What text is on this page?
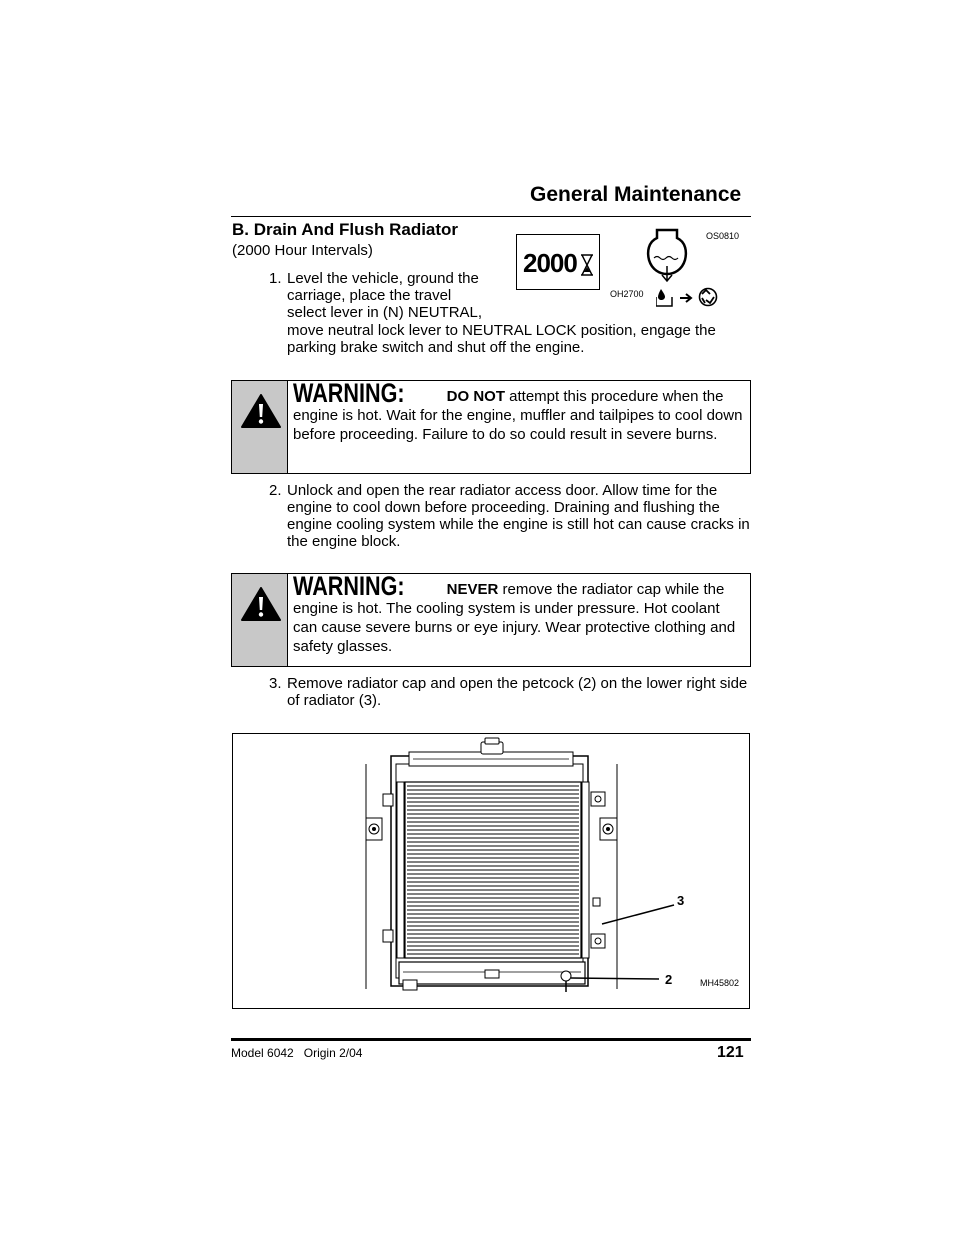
General Maintenance
B. Drain And Flush Radiator
(2000 Hour Intervals)	2000
OS0810
OH2700
1. Level the vehicle, ground the
carriage, place the travel
select lever in (N) NEUTRAL,
move neutral lock lever to NEUTRAL LOCK position, engage the
parking brake switch and shut off the engine.
WARNING:	DO NOT attempt this procedure when the engine is hot. Wait for the engine, muffler and tailpipes to cool down before proceeding. Failure to do so could result in severe burns.
2. Unlock and open the rear radiator access door. Allow time for the engine to cool down before proceeding. Draining and flushing the engine cooling system while the engine is still hot can cause cracks in the engine block.
WARNING:	NEVER remove the radiator cap while the engine is hot. The cooling system is under pressure. Hot coolant can cause severe burns or eye injury. Wear protective clothing and safety glasses.
3. Remove radiator cap and open the petcock (2) on the lower right side of radiator (3).
3
2	MH45802
Model 6042 Origin 2/04	121
